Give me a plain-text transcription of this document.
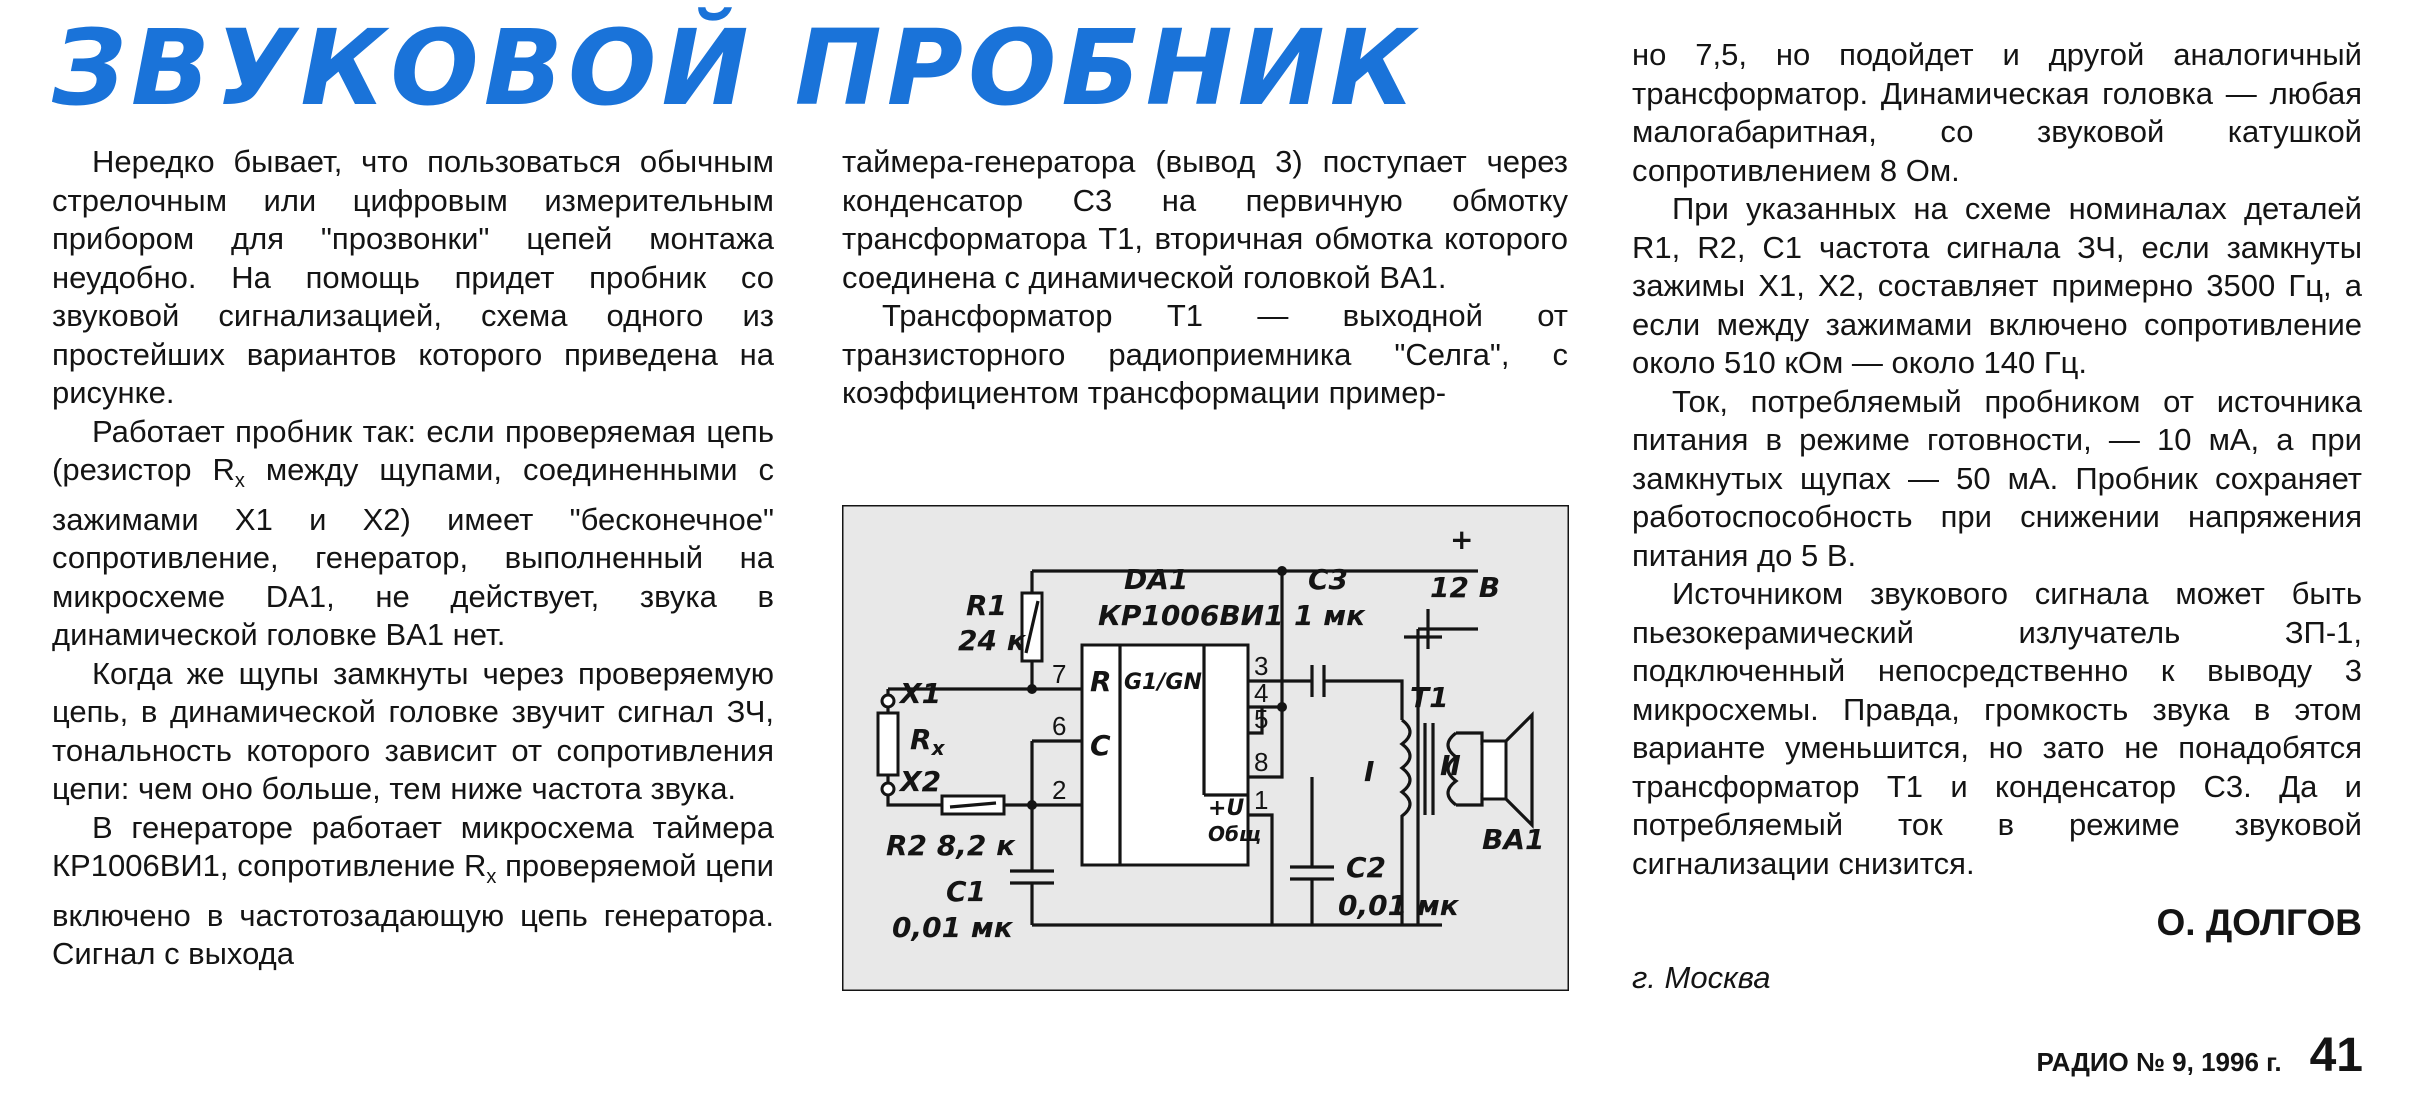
ЗВУКОВОЙ ПРОБНИК

Нередко бывает, что пользоваться обычным стрелочным или цифровым измерительным прибором для "прозвонки" цепей монтажа неудобно. На помощь придет пробник со звуковой сигнализацией, схема одного из простейших вариантов которого приведена на рисунке.

Работает пробник так: если проверяемая цепь (резистор $R_x$ между щупами, соединенными с зажимами X1 и X2) имеет "бесконечное" сопротивление, генератор, выполненный на микросхеме DA1, не действует, звука в динамической головке BA1 нет.

Когда же щупы замкнуты через проверяемую цепь, в динамической головке звучит сигнал ЗЧ, тональность которого зависит от сопротивления цепи: чем оно больше, тем ниже частота звука.

В генераторе работает микросхема таймера КР1006ВИ1, сопротивление $R_x$ проверяемой цепи включено в частотозадающую цепь генератора. Сигнал с выхода

таймера-генератора (вывод 3) поступает через конденсатор C3 на первичную обмотку трансформатора T1, вторичная обмотка которого соединена с динамической головкой BA1.

Трансформатор T1 — выходной от транзисторного радиоприемника "Селга", с коэффициентом трансформации пример-

R1
24 к
DA1
КР1006ВИ1
C3
1 мк
+
12 В
X1
$R_x$
X2
R2 8,2 к
C1
0,01 мк
C2
0,01 мк
T1
BA1
I II
R
C
G1/GN
+U
Общ
7
6
2
3
4
5
8
1

но 7,5, но подойдет и другой аналогичный трансформатор. Динамическая головка — любая малогабаритная, со звуковой катушкой сопротивлением 8 Ом.

При указанных на схеме номиналах деталей R1, R2, C1 частота сигнала ЗЧ, если замкнуты зажимы X1, X2, составляет примерно 3500 Гц, а если между зажимами включено сопротивление около 510 кОм — около 140 Гц.

Ток, потребляемый пробником от источника питания в режиме готовности, — 10 мА, а при замкнутых щупах — 50 мА. Пробник сохраняет работоспособность при снижении напряжения питания до 5 В.

Источником звукового сигнала может быть пьезокерамический излучатель ЗП-1, подключенный непосредственно к выводу 3 микросхемы. Правда, громкость звука в этом варианте уменьшится, но зато не понадобятся трансформатор T1 и конденсатор C3. Да и потребляемый ток в режиме звуковой сигнализации снизится.

О. ДОЛГОВ
г. Москва
РАДИО № 9, 1996 г. 41
